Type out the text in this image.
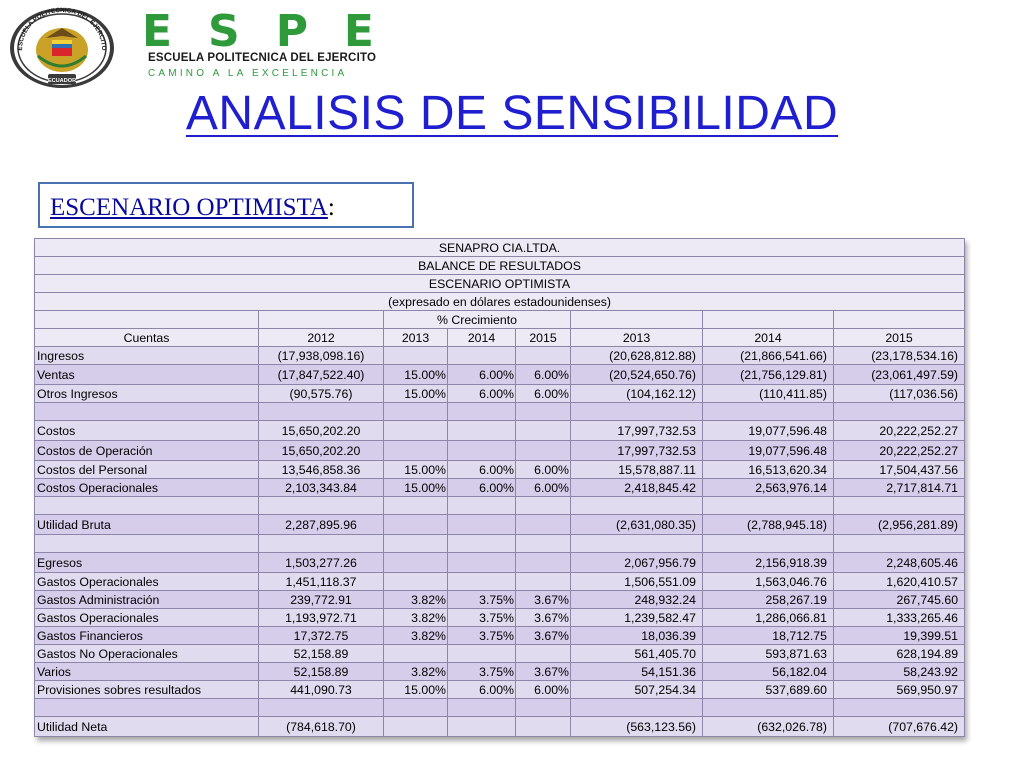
ESCUELA POLITECNICA DEL EJERCITO
ECUADOR
E S P E
ESCUELA POLITECNICA DEL EJERCITO
CAMINO A LA EXCELENCIA
ANALISIS DE SENSIBILIDAD
ESCENARIO OPTIMISTA:
SENAPRO CIA.LTDA.							
BALANCE DE RESULTADOS							
ESCENARIO OPTIMISTA							
(expresado en dólares estadounidenses)							
		% Crecimiento					
Cuentas	2012	2013	2014	2015	2013	2014	2015
Ingresos	(17,938,098.16)				(20,628,812.88)	(21,866,541.66)	(23,178,534.16)
Ventas	(17,847,522.40)	15.00%	6.00%	6.00%	(20,524,650.76)	(21,756,129.81)	(23,061,497.59)
Otros Ingresos	(90,575.76)	15.00%	6.00%	6.00%	(104,162.12)	(110,411.85)	(117,036.56)

Costos	15,650,202.20				17,997,732.53	19,077,596.48	20,222,252.27
Costos de Operación	15,650,202.20				17,997,732.53	19,077,596.48	20,222,252.27
Costos del Personal	13,546,858.36	15.00%	6.00%	6.00%	15,578,887.11	16,513,620.34	17,504,437.56
Costos Operacionales	2,103,343.84	15.00%	6.00%	6.00%	2,418,845.42	2,563,976.14	2,717,814.71

Utilidad Bruta	2,287,895.96				(2,631,080.35)	(2,788,945.18)	(2,956,281.89)

Egresos	1,503,277.26				2,067,956.79	2,156,918.39	2,248,605.46
Gastos Operacionales	1,451,118.37				1,506,551.09	1,563,046.76	1,620,410.57
Gastos Administración	239,772.91	3.82%	3.75%	3.67%	248,932.24	258,267.19	267,745.60
Gastos Operacionales	1,193,972.71	3.82%	3.75%	3.67%	1,239,582.47	1,286,066.81	1,333,265.46
Gastos Financieros	17,372.75	3.82%	3.75%	3.67%	18,036.39	18,712.75	19,399.51
Gastos No Operacionales	52,158.89				561,405.70	593,871.63	628,194.89
Varios	52,158.89	3.82%	3.75%	3.67%	54,151.36	56,182.04	58,243.92
Provisiones sobres resultados	441,090.73	15.00%	6.00%	6.00%	507,254.34	537,689.60	569,950.97

Utilidad Neta	(784,618.70)				(563,123.56)	(632,026.78)	(707,676.42)
